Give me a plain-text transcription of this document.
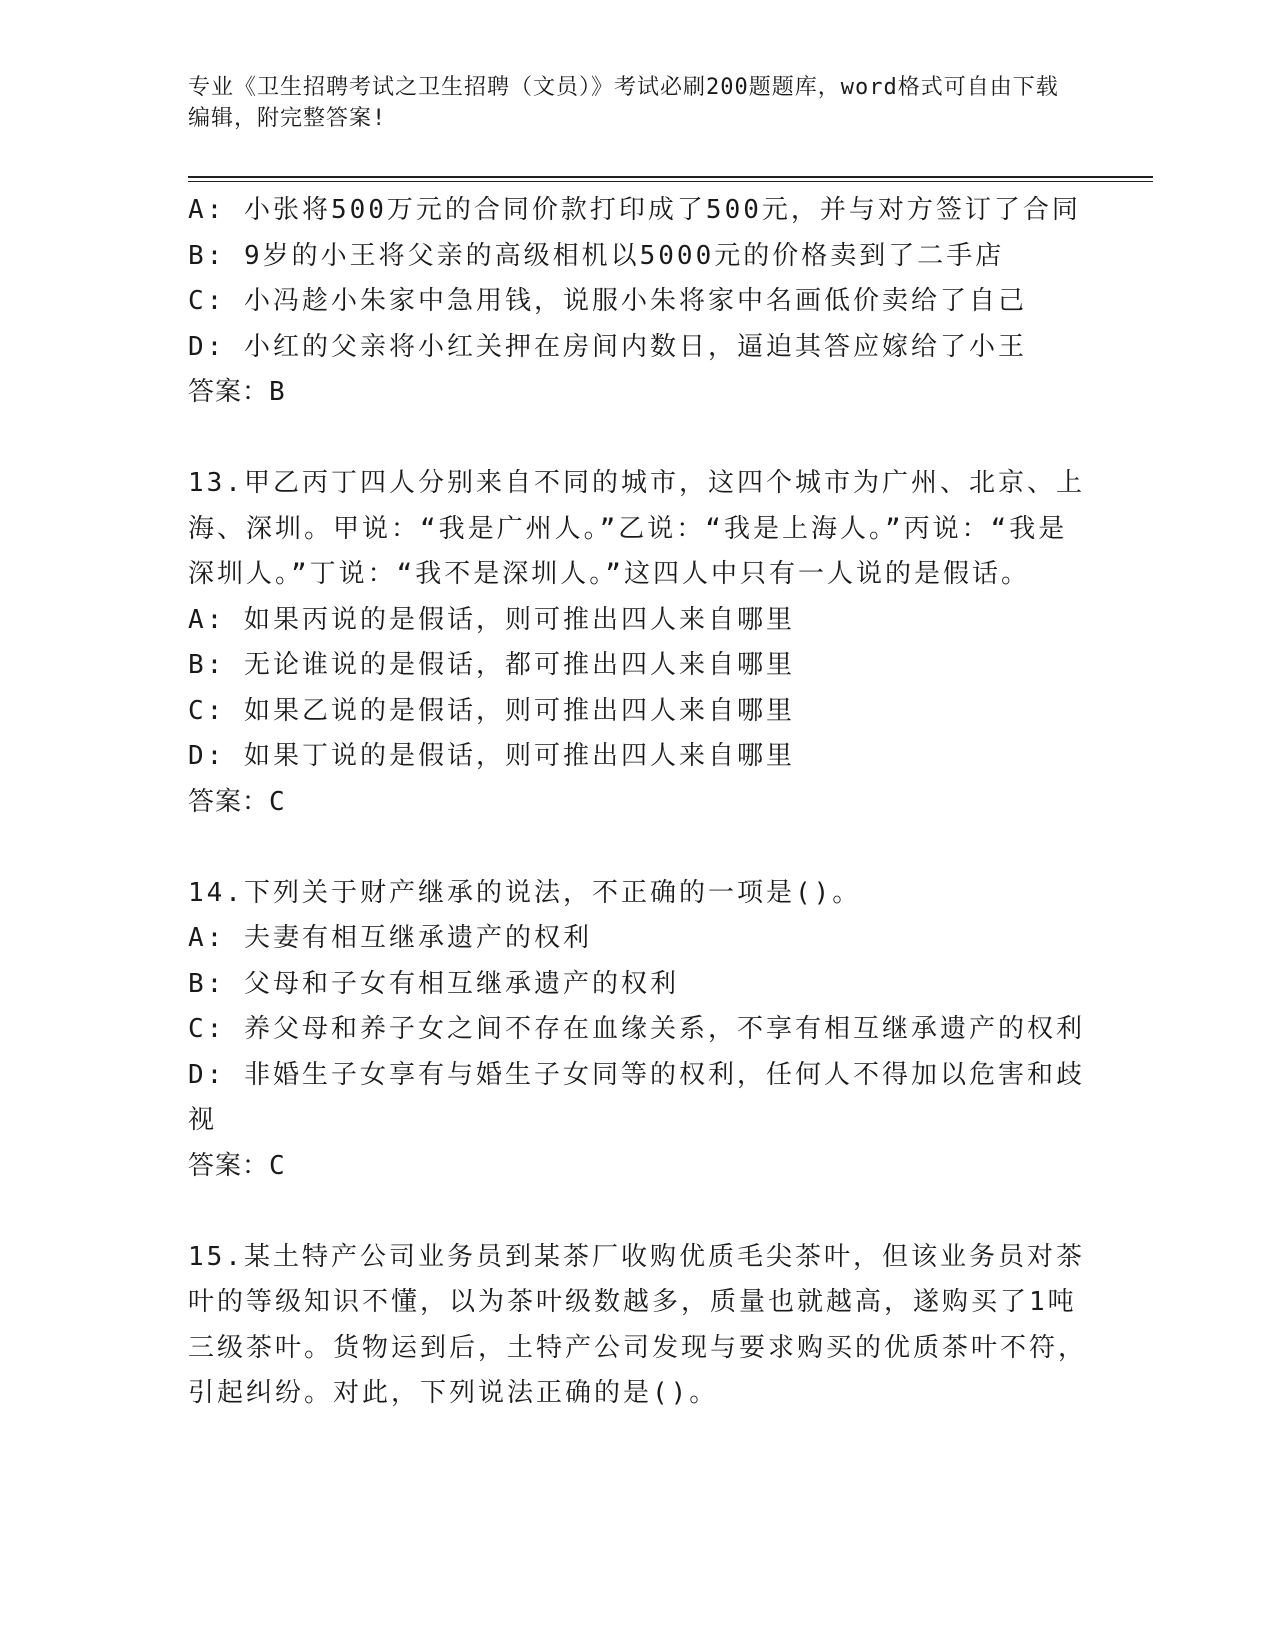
专业《卫生招聘考试之卫生招聘（文员）》考试必刷200题题库，word格式可自由下载编辑，附完整答案!
A: 小张将500万元的合同价款打印成了500元，并与对方签订了合同
B: 9岁的小王将父亲的高级相机以5000元的价格卖到了二手店
C: 小冯趁小朱家中急用钱，说服小朱将家中名画低价卖给了自己
D: 小红的父亲将小红关押在房间内数日，逼迫其答应嫁给了小王
答案：B
13.甲乙丙丁四人分别来自不同的城市，这四个城市为广州、北京、上海、深圳。甲说：“我是广州人。”乙说：“我是上海人。”丙说：“我是深圳人。”丁说：“我不是深圳人。”这四人中只有一人说的是假话。
A: 如果丙说的是假话，则可推出四人来自哪里
B: 无论谁说的是假话，都可推出四人来自哪里
C: 如果乙说的是假话，则可推出四人来自哪里
D: 如果丁说的是假话，则可推出四人来自哪里
答案：C
14.下列关于财产继承的说法，不正确的一项是()。
A: 夫妻有相互继承遗产的权利
B: 父母和子女有相互继承遗产的权利
C: 养父母和养子女之间不存在血缘关系，不享有相互继承遗产的权利
D: 非婚生子女享有与婚生子女同等的权利，任何人不得加以危害和歧视
答案：C
15.某土特产公司业务员到某茶厂收购优质毛尖茶叶，但该业务员对茶叶的等级知识不懂，以为茶叶级数越多，质量也就越高，遂购买了1吨三级茶叶。货物运到后，土特产公司发现与要求购买的优质茶叶不符，引起纠纷。对此，下列说法正确的是()。
